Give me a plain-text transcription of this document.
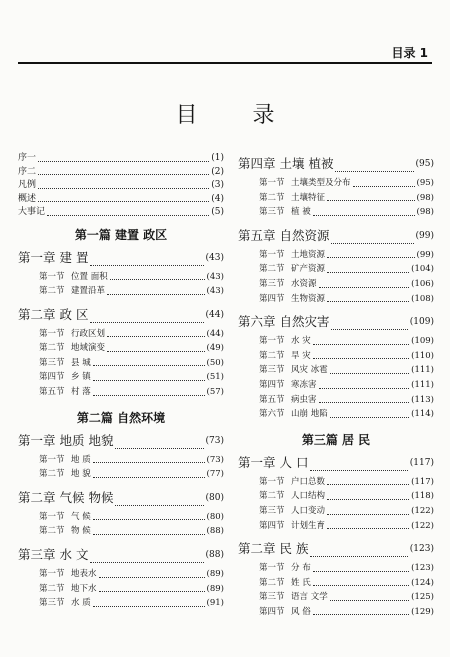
目录 1
目 录
序一	(1)
序二	(2)
凡例	(3)
概述	(4)
大事记	(5)
第一篇 建置 政区
第一章 建 置	(43)
第一节 位置 面积	(43)
第二节 建置沿革	(43)
第二章 政 区	(44)
第一节 行政区划	(44)
第二节 地域演变	(49)
第三节 县 城	(50)
第四节 乡 镇	(51)
第五节 村 落	(57)
第二篇 自然环境
第一章 地质 地貌	(73)
第一节 地 质	(73)
第二节 地 貌	(77)
第二章 气候 物候	(80)
第一节 气 候	(80)
第二节 物 候	(88)
第三章 水 文	(88)
第一节 地表水	(89)
第二节 地下水	(89)
第三节 水 质	(91)
第四章 土壤 植被	(95)
第一节 土壤类型及分布	(95)
第二节 土壤特征	(98)
第三节 植 被	(98)
第五章 自然资源	(99)
第一节 土地资源	(99)
第二节 矿产资源	(104)
第三节 水资源	(106)
第四节 生物资源	(108)
第六章 自然灾害	(109)
第一节 水 灾	(109)
第二节 旱 灾	(110)
第三节 风灾 冰雹	(111)
第四节 寒冻害	(111)
第五节 病虫害	(113)
第六节 山崩 地陷	(114)
第三篇 居 民
第一章 人 口	(117)
第一节 户口总数	(117)
第二节 人口结构	(118)
第三节 人口变动	(122)
第四节 计划生育	(122)
第二章 民 族	(123)
第一节 分 布	(123)
第二节 姓 氏	(124)
第三节 语言 文学	(125)
第四节 风 俗	(129)
